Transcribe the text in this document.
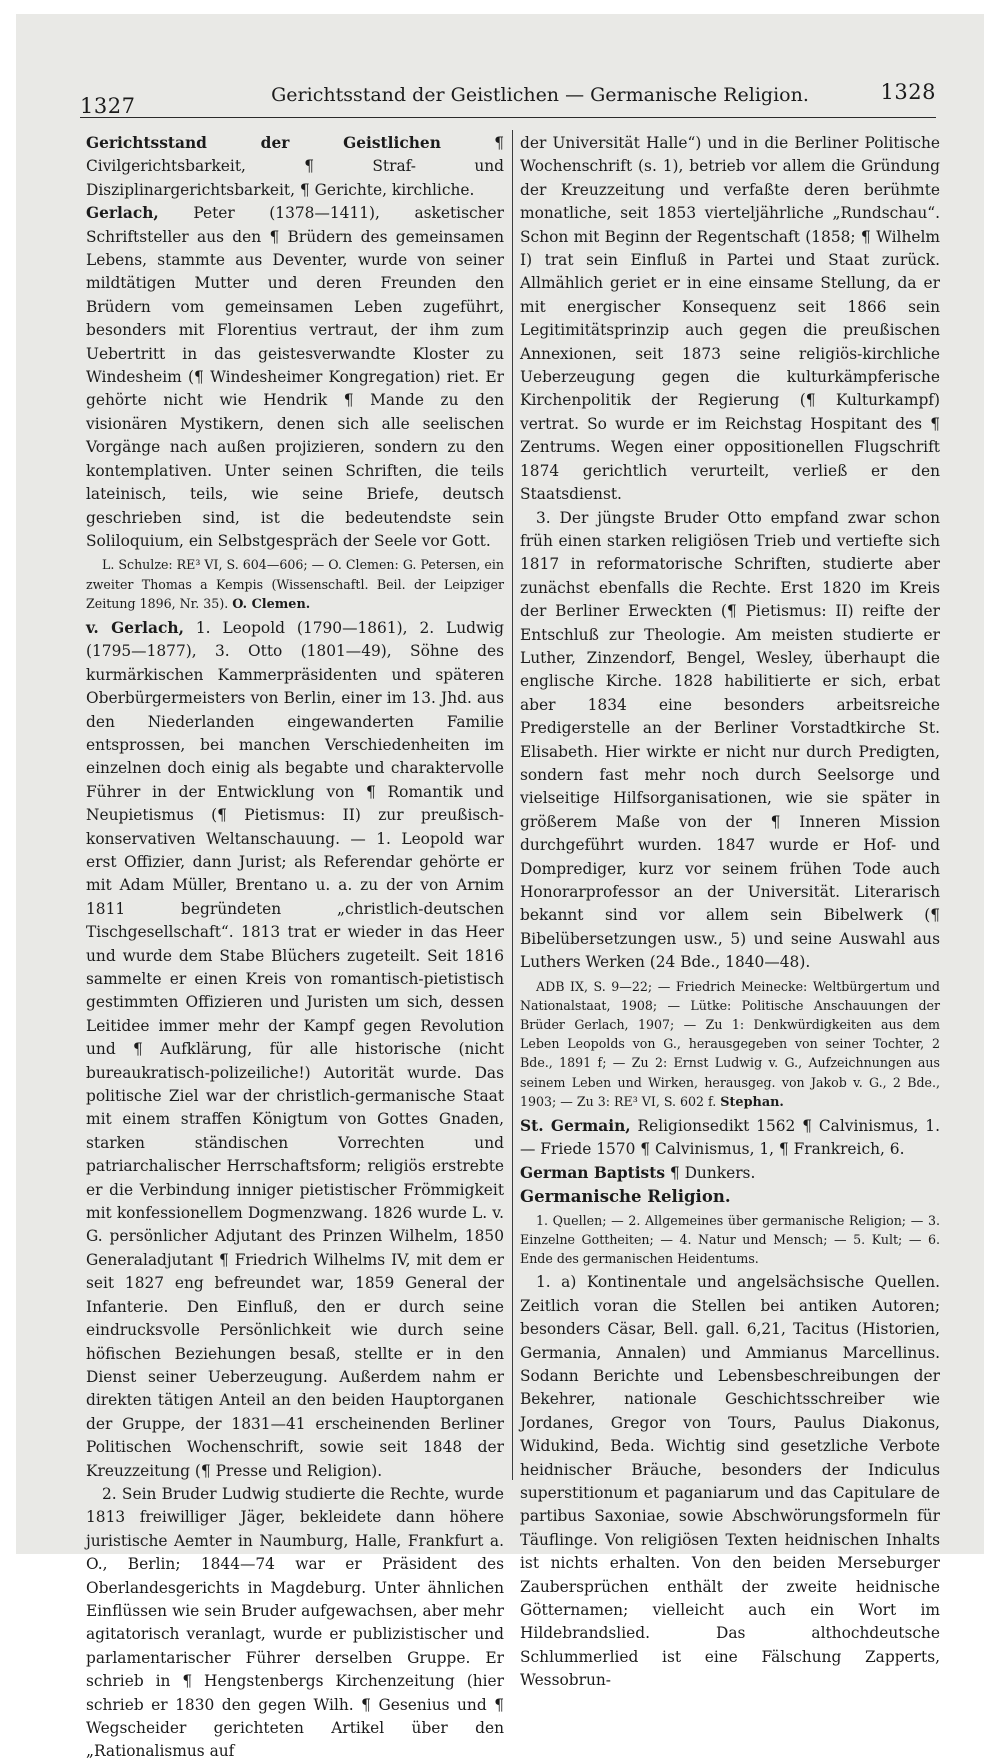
1327	Gerichtsstand der Geistlichen — Germanische Religion.	1328

Gerichtsstand der Geistlichen	¶ Civilgerichtsbarkeit, ¶ Straf- und Disziplinargerichtsbarkeit, ¶ Gerichte, kirchliche.

Gerlach, Peter (1378—1411), asketischer Schriftsteller aus den ¶ Brüdern des gemeinsamen Lebens, stammte aus Deventer, wurde von seiner mildtätigen Mutter und deren Freunden den Brüdern vom gemeinsamen Leben zugeführt, besonders mit Florentius vertraut, der ihm zum Uebertritt in das geistesverwandte Kloster zu Windesheim (¶ Windesheimer Kongregation) riet. Er gehörte nicht wie Hendrik ¶ Mande zu den visionären Mystikern, denen sich alle seelischen Vorgänge nach außen projizieren, sondern zu den kontemplativen. Unter seinen Schriften, die teils lateinisch, teils, wie seine Briefe, deutsch geschrieben sind, ist die bedeutendste sein Soliloquium, ein Selbstgespräch der Seele vor Gott.

L. Schulze: RE³ VI, S. 604—606; — O. Clemen: G. Petersen, ein zweiter Thomas a Kempis (Wissenschaftl. Beil. der Leipziger Zeitung 1896, Nr. 35). O. Clemen.

v. Gerlach, 1. Leopold (1790—1861), 2. Ludwig (1795—1877), 3. Otto (1801—49), Söhne des kurmärkischen Kammerpräsidenten und späteren Oberbürgermeisters von Berlin, einer im 13. Jhd. aus den Niederlanden eingewanderten Familie entsprossen, bei manchen Verschiedenheiten im einzelnen doch einig als begabte und charaktervolle Führer in der Entwicklung von ¶ Romantik und Neupietismus (¶ Pietismus: II) zur preußisch-konservativen Weltanschauung. — 1. Leopold war erst Offizier, dann Jurist; als Referendar gehörte er mit Adam Müller, Brentano u. a. zu der von Arnim 1811 begründeten „christlich-deutschen Tischgesellschaft“. 1813 trat er wieder in das Heer und wurde dem Stabe Blüchers zugeteilt. Seit 1816 sammelte er einen Kreis von romantisch-pietistisch gestimmten Offizieren und Juristen um sich, dessen Leitidee immer mehr der Kampf gegen Revolution und ¶ Aufklärung, für alle historische (nicht bureaukratisch-polizeiliche!) Autorität wurde. Das politische Ziel war der christlich-germanische Staat mit einem straffen Königtum von Gottes Gnaden, starken ständischen Vorrechten und patriarchalischer Herrschaftsform; religiös erstrebte er die Verbindung inniger pietistischer Frömmigkeit mit konfessionellem Dogmenzwang. 1826 wurde L. v. G. persönlicher Adjutant des Prinzen Wilhelm, 1850 Generaladjutant ¶ Friedrich Wilhelms IV, mit dem er seit 1827 eng befreundet war, 1859 General der Infanterie. Den Einfluß, den er durch seine eindrucksvolle Persönlichkeit wie durch seine höfischen Beziehungen besaß, stellte er in den Dienst seiner Ueberzeugung. Außerdem nahm er direkten tätigen Anteil an den beiden Hauptorganen der Gruppe, der 1831—41 erscheinenden Berliner Politischen Wochenschrift, sowie seit 1848 der Kreuzzeitung (¶ Presse und Religion).

2. Sein Bruder Ludwig studierte die Rechte, wurde 1813 freiwilliger Jäger, bekleidete dann höhere juristische Aemter in Naumburg, Halle, Frankfurt a. O., Berlin; 1844—74 war er Präsident des Oberlandesgerichts in Magdeburg. Unter ähnlichen Einflüssen wie sein Bruder aufgewachsen, aber mehr agitatorisch veranlagt, wurde er publizistischer und parlamentarischer Führer derselben Gruppe. Er schrieb in ¶ Hengstenbergs Kirchenzeitung (hier schrieb er 1830 den gegen Wilh. ¶ Gesenius und ¶ Wegscheider gerichteten Artikel über den „Rationalismus auf

der Universität Halle“) und in die Berliner Politische Wochenschrift (s. 1), betrieb vor allem die Gründung der Kreuzzeitung und verfaßte deren berühmte monatliche, seit 1853 vierteljährliche „Rundschau“. Schon mit Beginn der Regentschaft (1858; ¶ Wilhelm I) trat sein Einfluß in Partei und Staat zurück. Allmählich geriet er in eine einsame Stellung, da er mit energischer Konsequenz seit 1866 sein Legitimitätsprinzip auch gegen die preußischen Annexionen, seit 1873 seine religiös-kirchliche Ueberzeugung gegen die kulturkämpferische Kirchenpolitik der Regierung (¶ Kulturkampf) vertrat. So wurde er im Reichstag Hospitant des ¶ Zentrums. Wegen einer oppositionellen Flugschrift 1874 gerichtlich verurteilt, verließ er den Staatsdienst.

3. Der jüngste Bruder Otto empfand zwar schon früh einen starken religiösen Trieb und vertiefte sich 1817 in reformatorische Schriften, studierte aber zunächst ebenfalls die Rechte. Erst 1820 im Kreis der Berliner Erweckten (¶ Pietismus: II) reifte der Entschluß zur Theologie. Am meisten studierte er Luther, Zinzendorf, Bengel, Wesley, überhaupt die englische Kirche. 1828 habilitierte er sich, erbat aber 1834 eine besonders arbeitsreiche Predigerstelle an der Berliner Vorstadtkirche St. Elisabeth. Hier wirkte er nicht nur durch Predigten, sondern fast mehr noch durch Seelsorge und vielseitige Hilfsorganisationen, wie sie später in größerem Maße von der ¶ Inneren Mission durchgeführt wurden. 1847 wurde er Hof- und Domprediger, kurz vor seinem frühen Tode auch Honorarprofessor an der Universität. Literarisch bekannt sind vor allem sein Bibelwerk (¶ Bibelübersetzungen usw., 5) und seine Auswahl aus Luthers Werken (24 Bde., 1840—48).

ADB IX, S. 9—22; — Friedrich Meinecke: Weltbürgertum und Nationalstaat, 1908; — Lütke: Politische Anschauungen der Brüder Gerlach, 1907; — Zu 1: Denkwürdigkeiten aus dem Leben Leopolds von G., herausgegeben von seiner Tochter, 2 Bde., 1891 f; — Zu 2: Ernst Ludwig v. G., Aufzeichnungen aus seinem Leben und Wirken, herausgeg. von Jakob v. G., 2 Bde., 1903; — Zu 3: RE³ VI, S. 602 f. Stephan.

St. Germain, Religionsedikt 1562 ¶ Calvinismus, 1. — Friede 1570 ¶ Calvinismus, 1, ¶ Frankreich, 6.

German Baptists ¶ Dunkers.

Germanische Religion.

1. Quellen; — 2. Allgemeines über germanische Religion; — 3. Einzelne Gottheiten; — 4. Natur und Mensch; — 5. Kult; — 6. Ende des germanischen Heidentums.

1. a) Kontinentale und angelsächsische Quellen. Zeitlich voran die Stellen bei antiken Autoren; besonders Cäsar, Bell. gall. 6,21, Tacitus (Historien, Germania, Annalen) und Ammianus Marcellinus. Sodann Berichte und Lebensbeschreibungen der Bekehrer, nationale Geschichtsschreiber wie Jordanes, Gregor von Tours, Paulus Diakonus, Widukind, Beda. Wichtig sind gesetzliche Verbote heidnischer Bräuche, besonders der Indiculus superstitionum et paganiarum und das Capitulare de partibus Saxoniae, sowie Abschwörungsformeln für Täuflinge. Von religiösen Texten heidnischen Inhalts ist nichts erhalten. Von den beiden Merseburger Zaubersprüchen enthält der zweite heidnische Götternamen; vielleicht auch ein Wort im Hildebrandslied. Das althochdeutsche Schlummerlied ist eine Fälschung Zapperts, Wessobrun-
